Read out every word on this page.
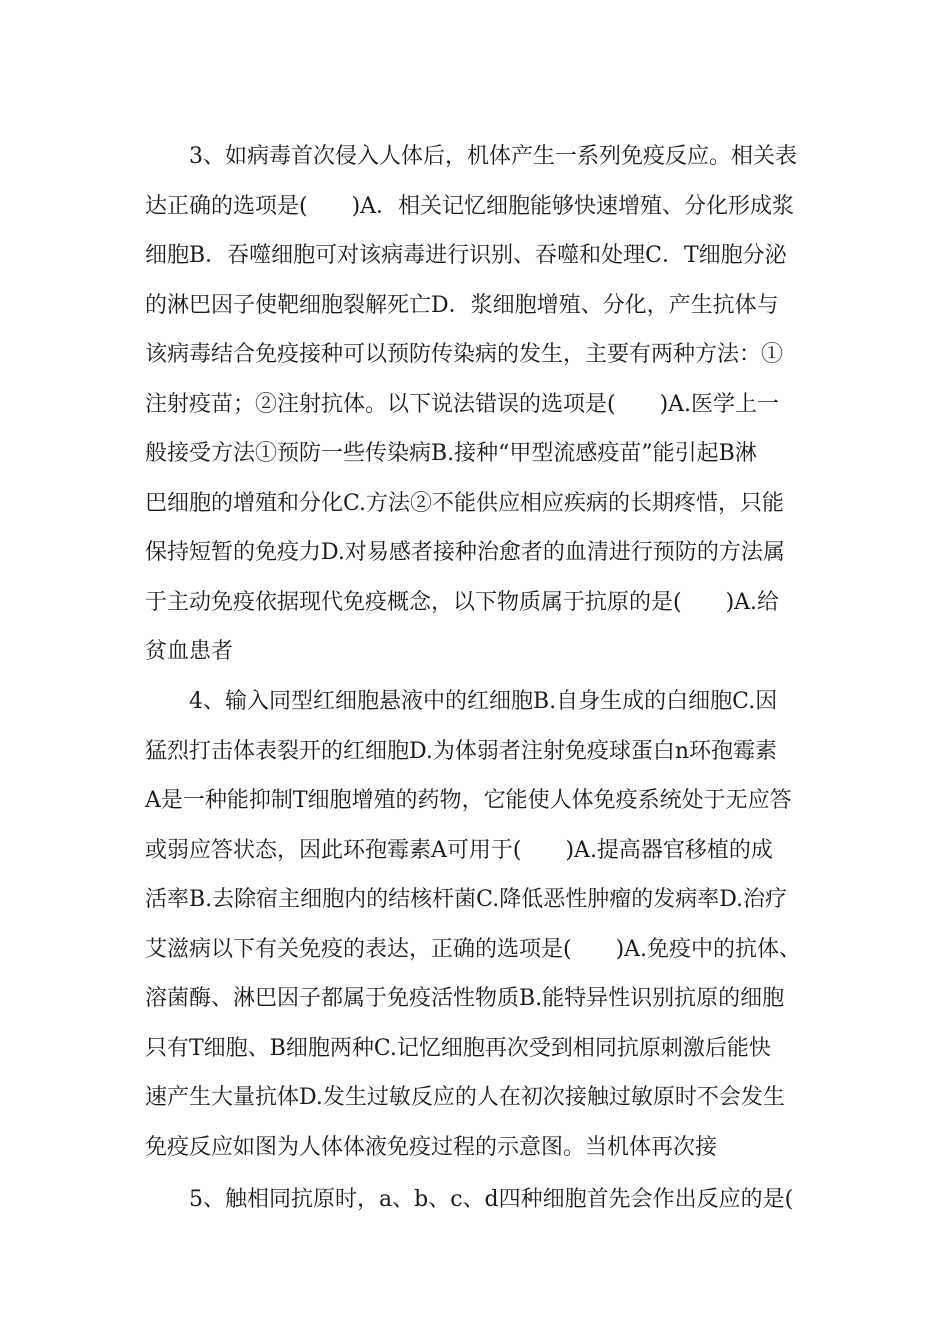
3、如病毒首次侵入人体后，机体产生一系列免疫反应。相关表
达正确的选项是(　　)A．相关记忆细胞能够快速增殖、分化形成浆
细胞B．吞噬细胞可对该病毒进行识别、吞噬和处理C．T细胞分泌
的淋巴因子使靶细胞裂解死亡D．浆细胞增殖、分化，产生抗体与
该病毒结合免疫接种可以预防传染病的发生，主要有两种方法：①
注射疫苗；②注射抗体。以下说法错误的选项是(　　)A.医学上一
般接受方法①预防一些传染病B.接种“甲型流感疫苗”能引起B淋
巴细胞的增殖和分化C.方法②不能供应相应疾病的长期疼惜，只能
保持短暂的免疫力D.对易感者接种治愈者的血清进行预防的方法属
于主动免疫依据现代免疫概念，以下物质属于抗原的是(　　)A.给
贫血患者
4、输入同型红细胞悬液中的红细胞B.自身生成的白细胞C.因
猛烈打击体表裂开的红细胞D.为体弱者注射免疫球蛋白n环孢霉素
A是一种能抑制T细胞增殖的药物，它能使人体免疫系统处于无应答
或弱应答状态，因此环孢霉素A可用于(　　)A.提高器官移植的成
活率B.去除宿主细胞内的结核杆菌C.降低恶性肿瘤的发病率D.治疗
艾滋病以下有关免疫的表达，正确的选项是(　　)A.免疫中的抗体、
溶菌酶、淋巴因子都属于免疫活性物质B.能特异性识别抗原的细胞
只有T细胞、B细胞两种C.记忆细胞再次受到相同抗原刺激后能快
速产生大量抗体D.发生过敏反应的人在初次接触过敏原时不会发生
免疫反应如图为人体体液免疫过程的示意图。当机体再次接
5、触相同抗原时，a、b、c、d四种细胞首先会作出反应的是(
